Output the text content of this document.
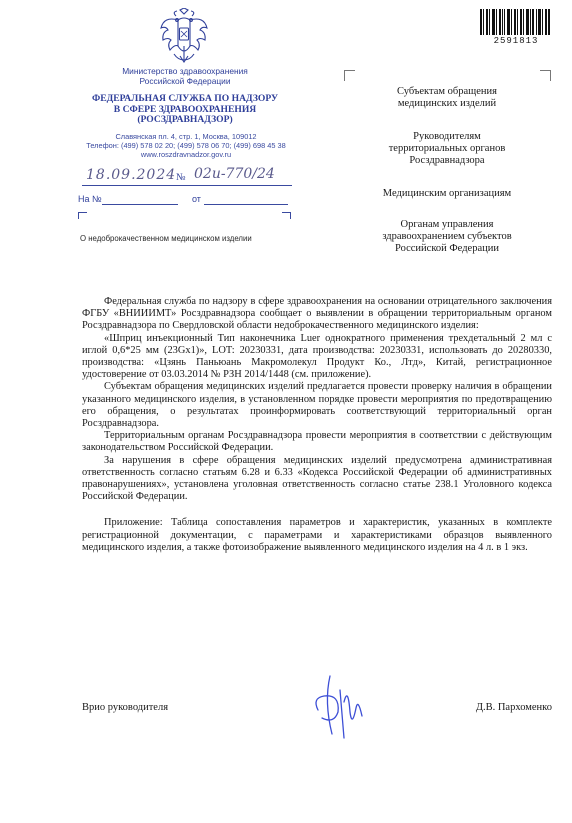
Министерство здравоохранения
Российской Федерации
ФЕДЕРАЛЬНАЯ СЛУЖБА ПО НАДЗОРУ
В СФЕРЕ ЗДРАВООХРАНЕНИЯ
(РОСЗДРАВНАДЗОР)
Славянская пл. 4, стр. 1, Москва, 109012
Телефон: (499) 578 02 20; (499) 578 06 70; (499) 698 45 38
www.roszdravnadzor.gov.ru
18.09.2024 № 02и-770/24
На №	от
О недоброкачественном медицинском изделии
2591813
Субъектам обращения
медицинских изделий
Руководителям
территориальных органов
Росздравнадзора
Медицинским организациям
Органам управления
здравоохранением субъектов
Российской Федерации

Федеральная служба по надзору в сфере здравоохранения на основании отрицательного заключения ФГБУ «ВНИИИМТ» Росздравнадзора сообщает о выявлении в обращении территориальным органом Росздравнадзора по Свердловской области недоброкачественного медицинского изделия:

«Шприц инъекционный Тип наконечника Luer однократного применения трехдетальный 2 мл с иглой 0,6*25 мм (23Gx1)», LOT: 20230331, дата производства: 20230331, использовать до 20280330, производства: «Цзянь Паньюань Макромолекул Продукт Ко., Лтд», Китай, регистрационное удостоверение от 03.03.2014 № РЗН 2014/1448 (см. приложение).

Субъектам обращения медицинских изделий предлагается провести проверку наличия в обращении указанного медицинского изделия, в установленном порядке провести мероприятия по предотвращению его обращения, о результатах проинформировать соответствующий территориальный орган Росздравнадзора.

Территориальным органам Росздравнадзора провести мероприятия в соответствии с действующим законодательством Российской Федерации.

За нарушения в сфере обращения медицинских изделий предусмотрена административная ответственность согласно статьям 6.28 и 6.33 «Кодекса Российской Федерации об административных правонарушениях», установлена уголовная ответственность согласно статье 238.1 Уголовного кодекса Российской Федерации.

Приложение: Таблица сопоставления параметров и характеристик, указанных в комплекте регистрационной документации, с параметрами и характеристиками образцов выявленного медицинского изделия, а также фотоизображение выявленного медицинского изделия на 4 л. в 1 экз.

Врио руководителя	Д.В. Пархоменко
